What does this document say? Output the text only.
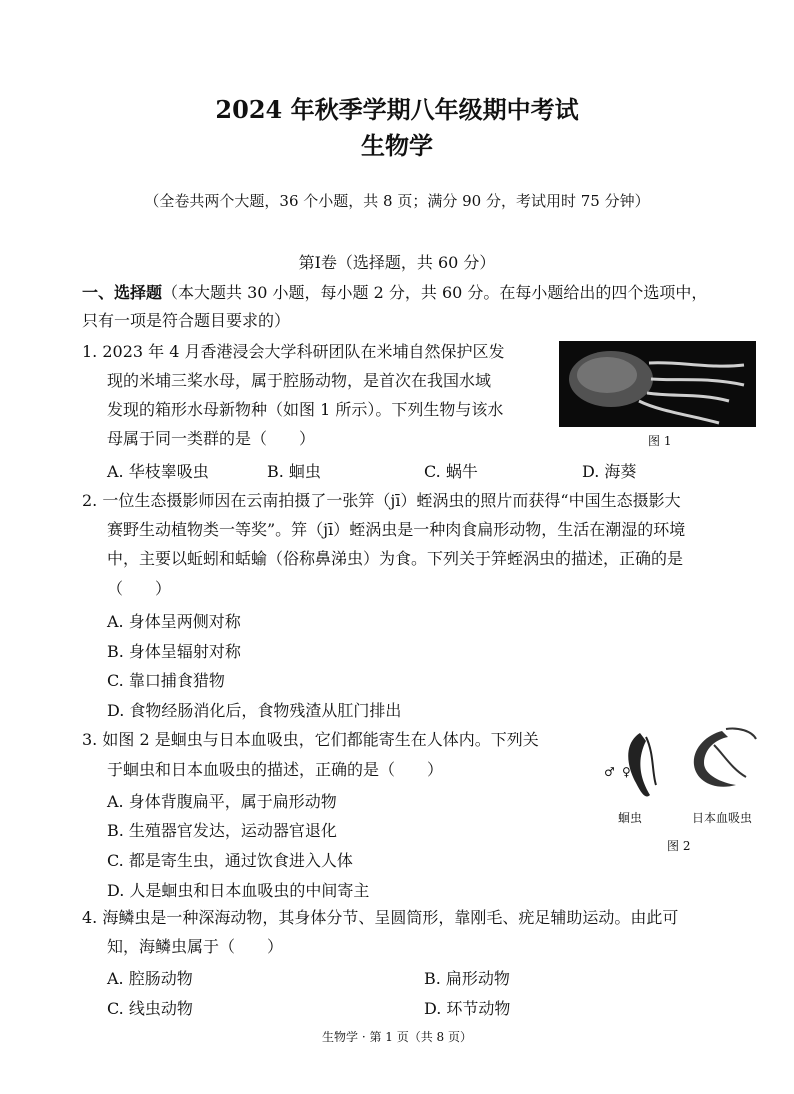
2024 年秋季学期八年级期中考试
生物学
（全卷共两个大题，36 个小题，共 8 页；满分 90 分，考试用时 75 分钟）
第Ⅰ卷（选择题，共 60 分）
一、选择题（本大题共 30 小题，每小题 2 分，共 60 分。在每小题给出的四个选项中，
只有一项是符合题目要求的）
1. 2023 年 4 月香港浸会大学科研团队在米埔自然保护区发
现的米埔三桨水母，属于腔肠动物，是首次在我国水域
发现的箱形水母新物种（如图 1 所示）。下列生物与该水
母属于同一类群的是（　　）	图 1
A. 华枝睾吸虫	B. 蛔虫	C. 蜗牛	D. 海葵
2. 一位生态摄影师因在云南拍摄了一张笄（jī）蛭涡虫的照片而获得“中国生态摄影大
赛野生动植物类一等奖”。笄（jī）蛭涡虫是一种肉食扁形动物，生活在潮湿的环境
中，主要以蚯蚓和蛞蝓（俗称鼻涕虫）为食。下列关于笄蛭涡虫的描述，正确的是
（　　）
A. 身体呈两侧对称
B. 身体呈辐射对称
C. 靠口捕食猎物
D. 食物经肠消化后，食物残渣从肛门排出
3. 如图 2 是蛔虫与日本血吸虫，它们都能寄生在人体内。下列关
于蛔虫和日本血吸虫的描述，正确的是（　　）
A. 身体背腹扁平，属于扁形动物
B. 生殖器官发达，运动器官退化
C. 都是寄生虫，通过饮食进入人体
D. 人是蛔虫和日本血吸虫的中间寄主
♂ ♀
蛔虫	日本血吸虫
图 2
4. 海鳞虫是一种深海动物，其身体分节、呈圆筒形，靠刚毛、疣足辅助运动。由此可
知，海鳞虫属于（　　）
A. 腔肠动物	B. 扁形动物
C. 线虫动物	D. 环节动物
生物学 · 第 1 页（共 8 页）
